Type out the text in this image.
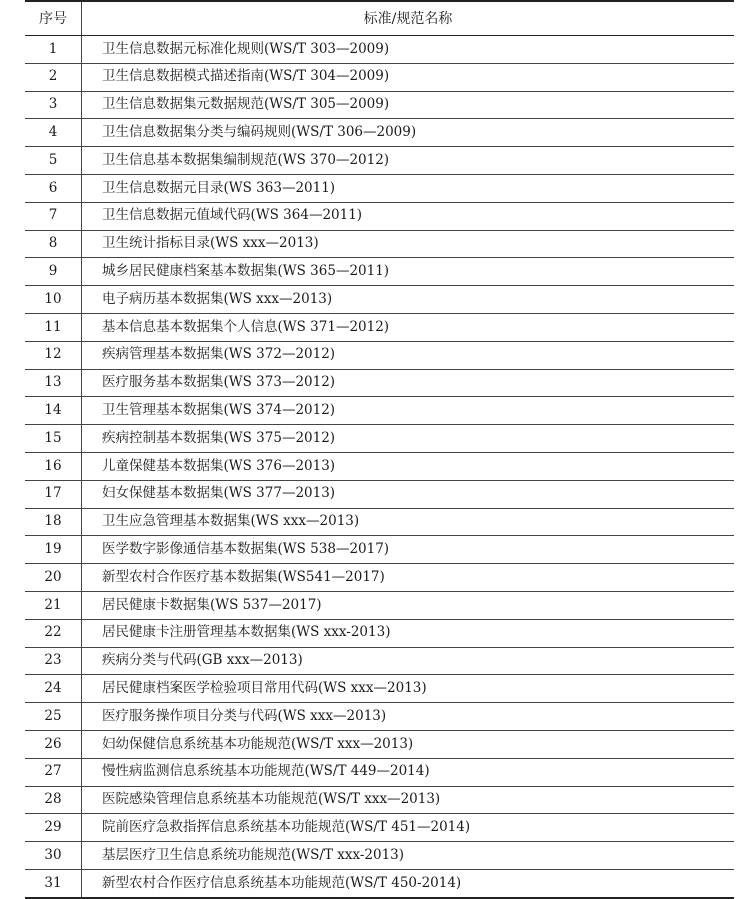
序号	标准/规范名称
1	卫生信息数据元标准化规则(WS/T 303—2009)
2	卫生信息数据模式描述指南(WS/T 304—2009)
3	卫生信息数据集元数据规范(WS/T 305—2009)
4	卫生信息数据集分类与编码规则(WS/T 306—2009)
5	卫生信息基本数据集编制规范(WS 370—2012)
6	卫生信息数据元目录(WS 363—2011)
7	卫生信息数据元值域代码(WS 364—2011)
8	卫生统计指标目录(WS xxx—2013)
9	城乡居民健康档案基本数据集(WS 365—2011)
10	电子病历基本数据集(WS xxx—2013)
11	基本信息基本数据集个人信息(WS 371—2012)
12	疾病管理基本数据集(WS 372—2012)
13	医疗服务基本数据集(WS 373—2012)
14	卫生管理基本数据集(WS 374—2012)
15	疾病控制基本数据集(WS 375—2012)
16	儿童保健基本数据集(WS 376—2013)
17	妇女保健基本数据集(WS 377—2013)
18	卫生应急管理基本数据集(WS xxx—2013)
19	医学数字影像通信基本数据集(WS 538—2017)
20	新型农村合作医疗基本数据集(WS541—2017)
21	居民健康卡数据集(WS 537—2017)
22	居民健康卡注册管理基本数据集(WS xxx-2013)
23	疾病分类与代码(GB xxx—2013)
24	居民健康档案医学检验项目常用代码(WS xxx—2013)
25	医疗服务操作项目分类与代码(WS xxx—2013)
26	妇幼保健信息系统基本功能规范(WS/T xxx—2013)
27	慢性病监测信息系统基本功能规范(WS/T 449—2014)
28	医院感染管理信息系统基本功能规范(WS/T xxx—2013)
29	院前医疗急救指挥信息系统基本功能规范(WS/T 451—2014)
30	基层医疗卫生信息系统功能规范(WS/T xxx-2013)
31	新型农村合作医疗信息系统基本功能规范(WS/T 450-2014)
